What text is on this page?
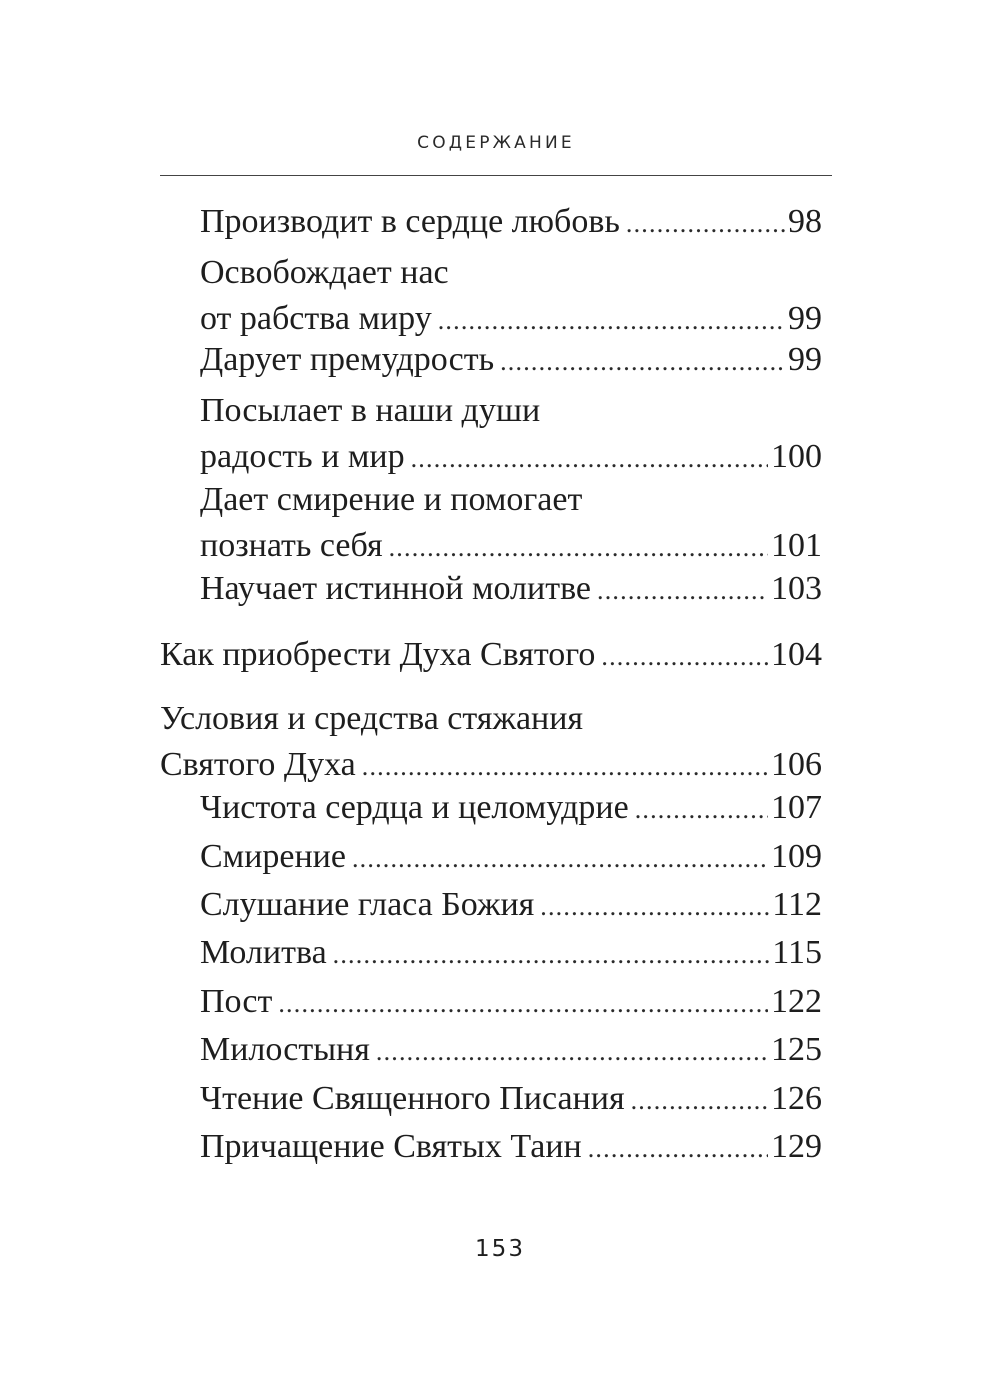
СОДЕРЖАНИЕ
Производит в сердце любовь .....	98
Освобождает нас
от рабства миру .....	99
Дарует премудрость .....	99
Посылает в наши души
радость и мир .....	100
Дает смирение и помогает
познать себя .....	101
Научает истинной молитве .....	103
Как приобрести Духа Святого .....	104
Условия и средства стяжания
Святого Духа .....	106
Чистота сердца и целомудрие .....	107
Смирение .....	109
Слушание гласа Божия .....	112
Молитва .....	115
Пост .....	122
Милостыня .....	125
Чтение Священного Писания .....	126
Причащение Святых Таин .....	129
153
